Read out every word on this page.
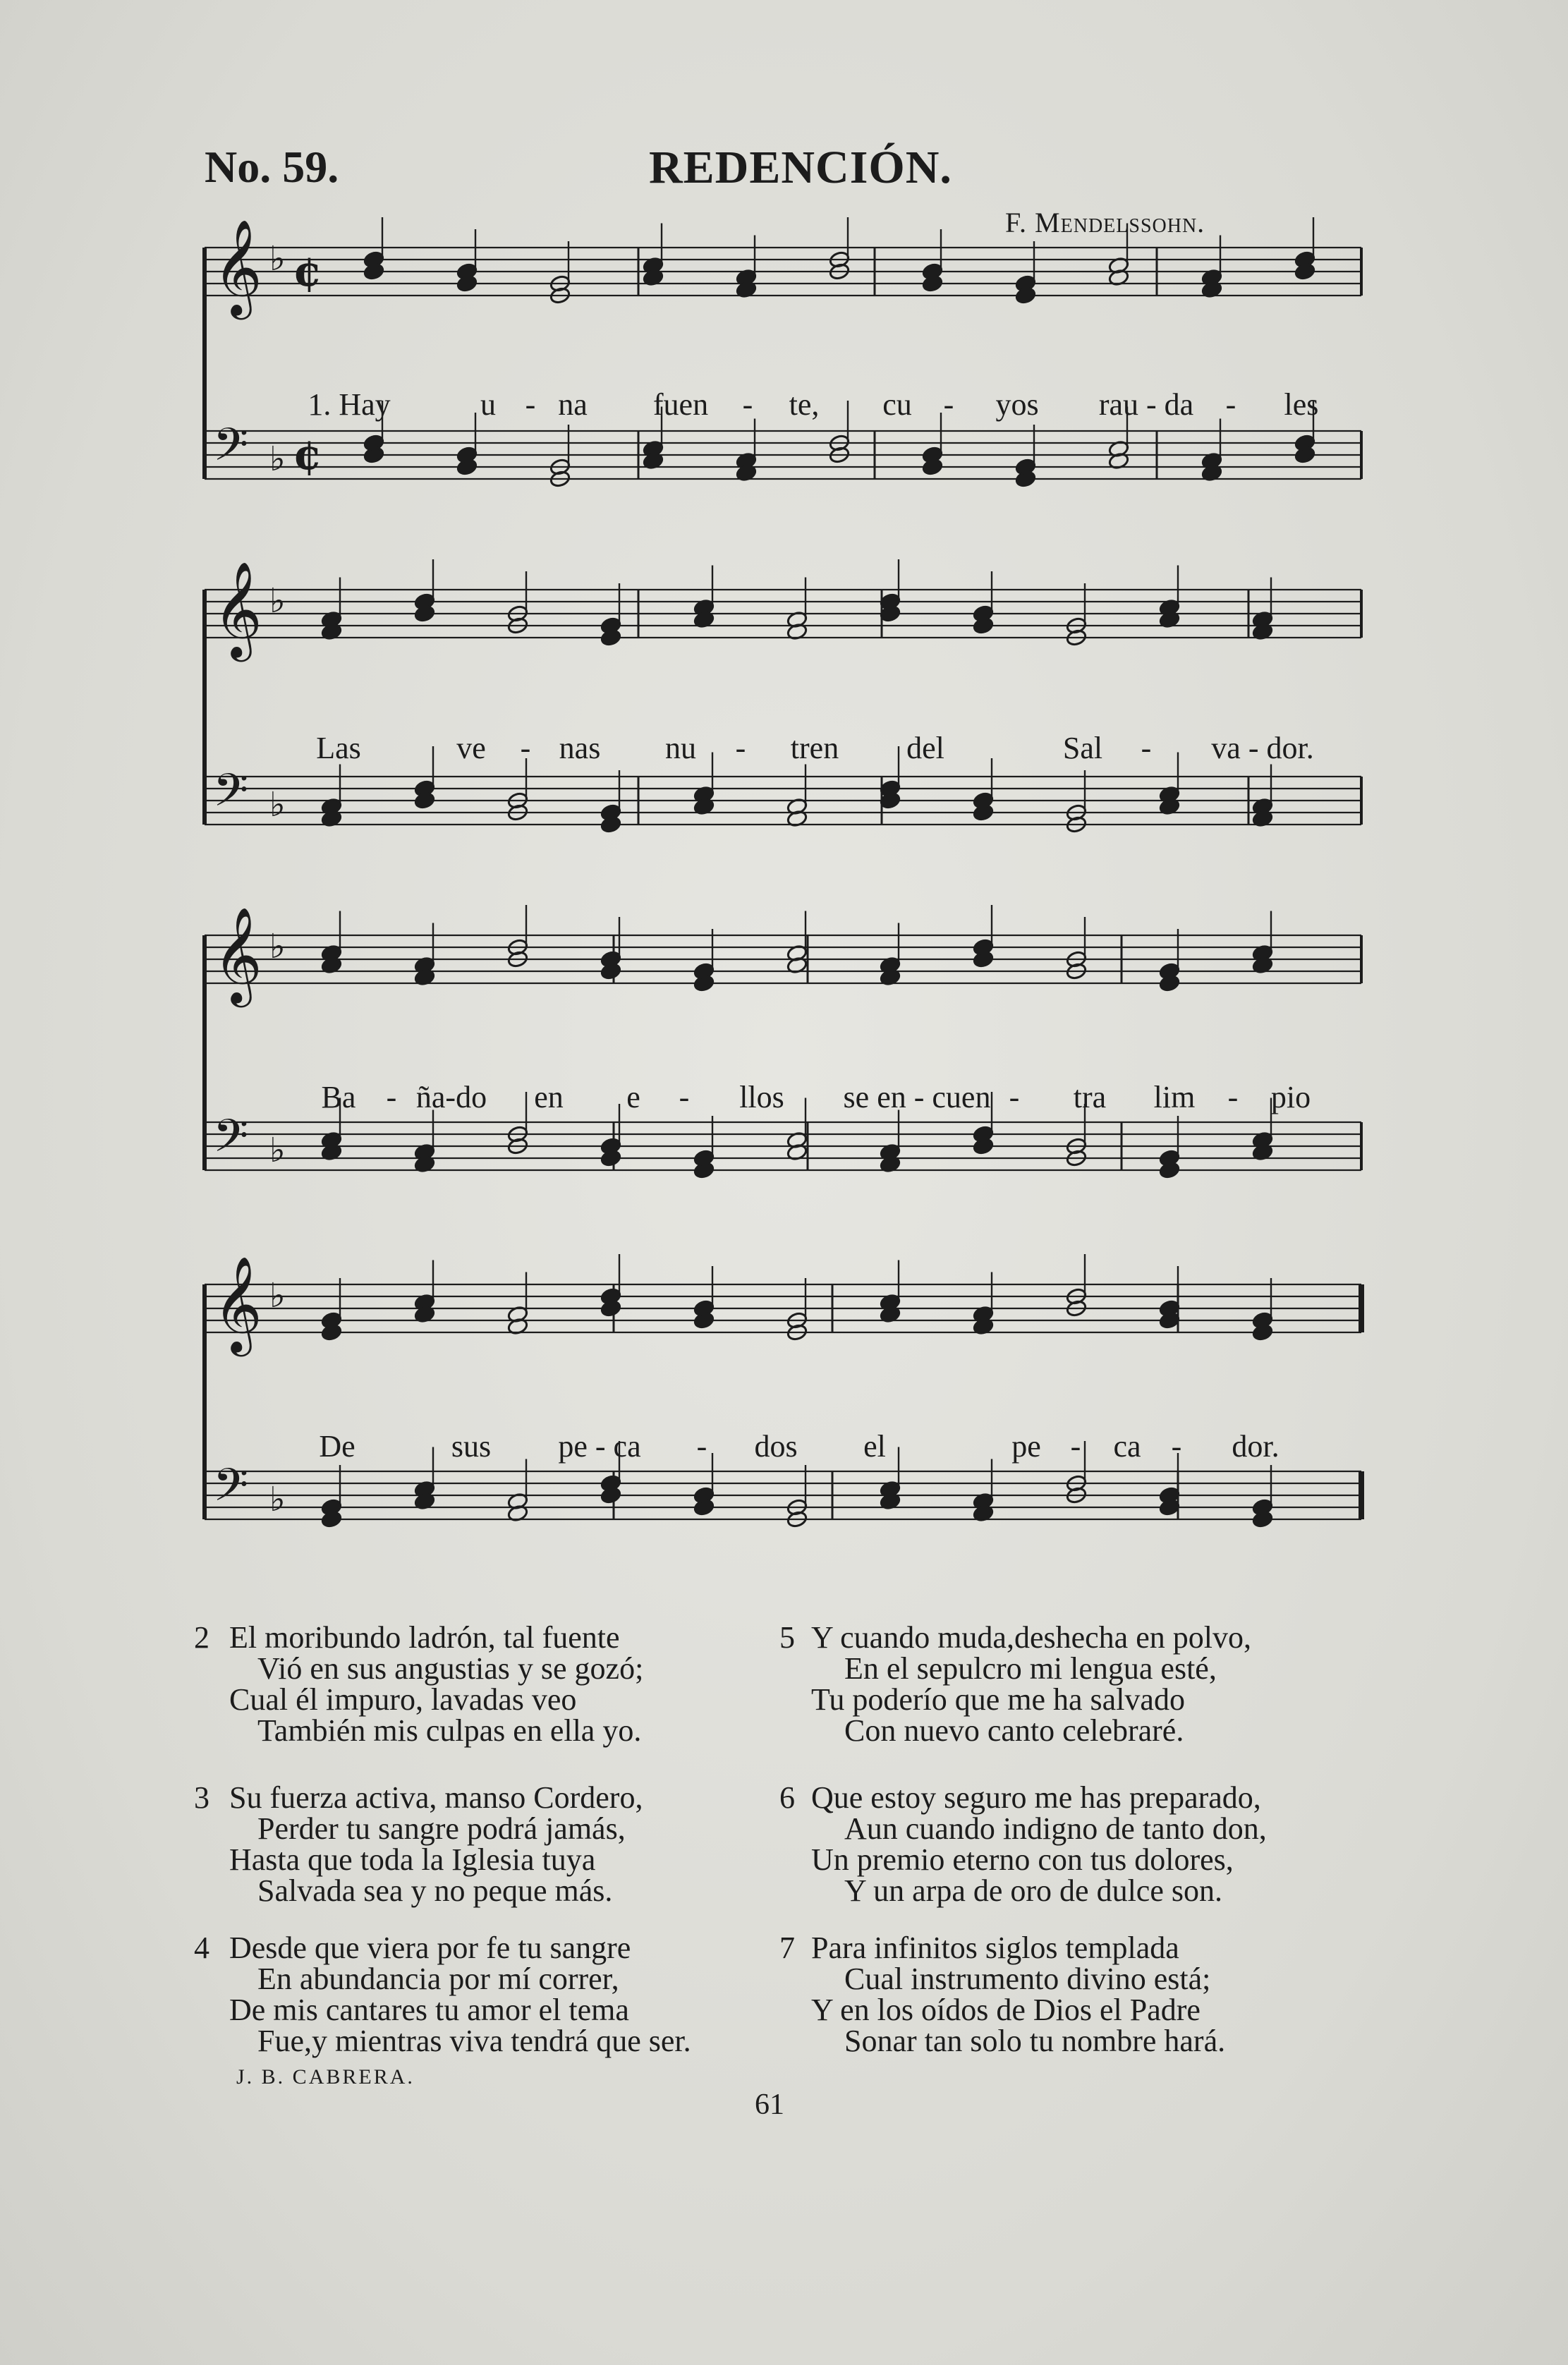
No. 59.	REDENCIÓN.
F. Mendelssohn.
𝄞 ♭ ¢
𝄢 ♭ ¢
𝄞 ♭
𝄢 ♭
𝄞 ♭
𝄢 ♭
𝄞 ♭
𝄢 ♭
1. Hay	u - na fuen - te, cu - yos rau - da - les
Las	ve - nas nu - tren del	Sal - va - dor.
Ba - ña-do en e - llos se en - cuen - tra lim - pio
De	sus pe - ca - dos el	pe - ca - dor.
2 El moribundo ladrón, tal fuente
Vió en sus angustias y se gozó;
Cual él impuro, lavadas veo
También mis culpas en ella yo.
3 Su fuerza activa, manso Cordero,
Perder tu sangre podrá jamás,
Hasta que toda la Iglesia tuya
Salvada sea y no peque más.
4 Desde que viera por fe tu sangre
En abundancia por mí correr,
De mis cantares tu amor el tema
Fue,y mientras viva tendrá que ser.
5 Y cuando muda,deshecha en polvo,
En el sepulcro mi lengua esté,
Tu poderío que me ha salvado
Con nuevo canto celebraré.
6 Que estoy seguro me has preparado,
Aun cuando indigno de tanto don,
Un premio eterno con tus dolores,
Y un arpa de oro de dulce son.
7 Para infinitos siglos templada
Cual instrumento divino está;
Y en los oídos de Dios el Padre
Sonar tan solo tu nombre hará.
J. B. CABRERA.
61
